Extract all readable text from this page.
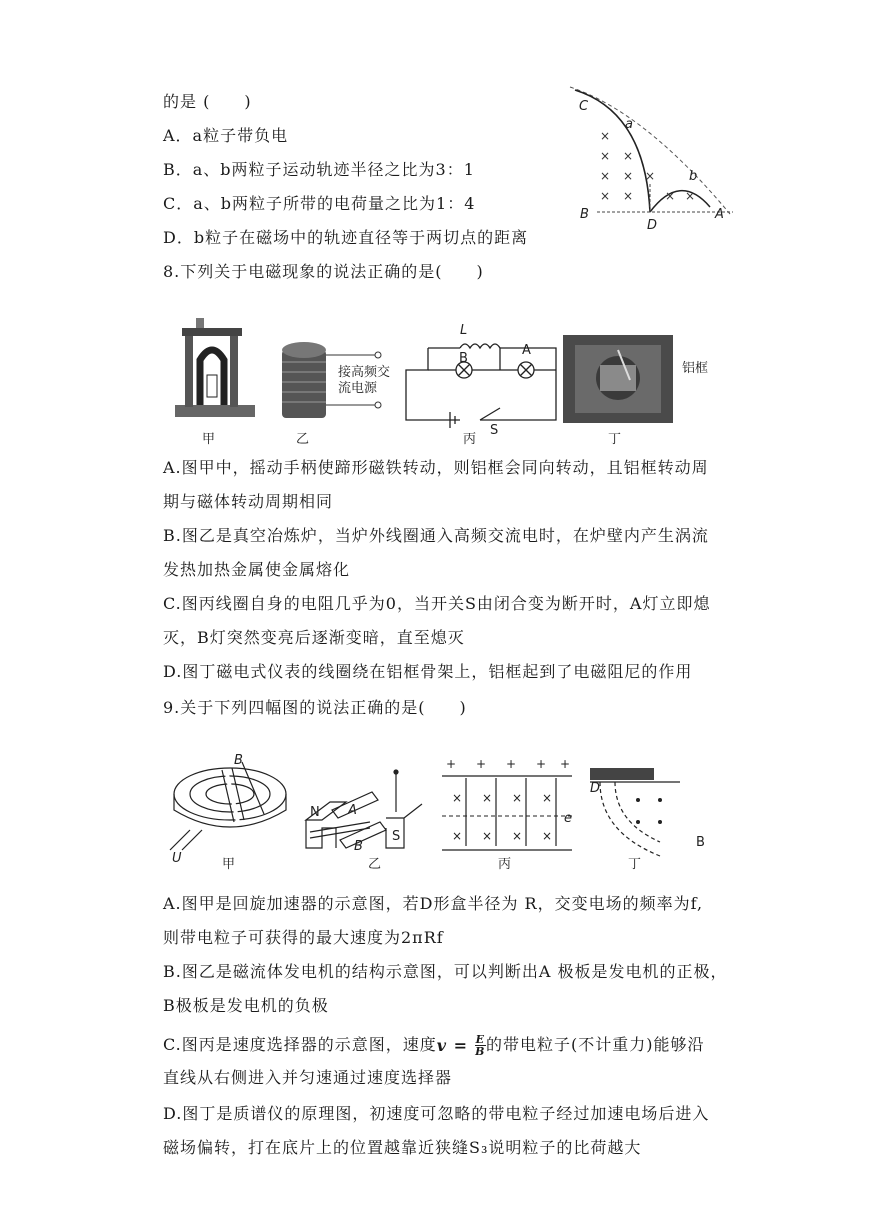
的是 (　　)
A．a粒子带负电
B．a、b两粒子运动轨迹半径之比为3：1
C．a、b两粒子所带的电荷量之比为1：4
D．b粒子在磁场中的轨迹直径等于两切点的距离
×
× ×
× × ×
× ×	× ×
C
a
b
B
D
A
8.下列关于电磁现象的说法正确的是(　　)
接高频交
流电源
L
B
A
S
铝框
甲	乙	丙	丁
A.图甲中，摇动手柄使蹄形磁铁转动，则铝框会同向转动，且铝框转动周
期与磁体转动周期相同
B.图乙是真空冶炼炉，当炉外线圈通入高频交流电时，在炉壁内产生涡流
发热加热金属使金属熔化
C.图丙线圈自身的电阻几乎为0，当开关S由闭合变为断开时，A灯立即熄
灭，B灯突然变亮后逐渐变暗，直至熄灭
D.图丁磁电式仪表的线圈绕在铝框骨架上，铝框起到了电磁阻尼的作用
9.关于下列四幅图的说法正确的是(　　)
B
U
N A
B
S
+ + + + +
× × × ×
× × × ×
e
D
B
甲	乙	丙	丁
A.图甲是回旋加速器的示意图，若D形盒半径为 R，交变电场的频率为f,
则带电粒子可获得的最大速度为2πRf
B.图乙是磁流体发电机的结构示意图，可以判断出A 极板是发电机的正极，
B极板是发电机的负极
C.图丙是速度选择器的示意图，速度 $v = \frac{E}{B}$ 的带电粒子(不计重力)能够沿
直线从右侧进入并匀速通过速度选择器
D.图丁是质谱仪的原理图，初速度可忽略的带电粒子经过加速电场后进入
磁场偏转，打在底片上的位置越靠近狭缝S₃说明粒子的比荷越大
